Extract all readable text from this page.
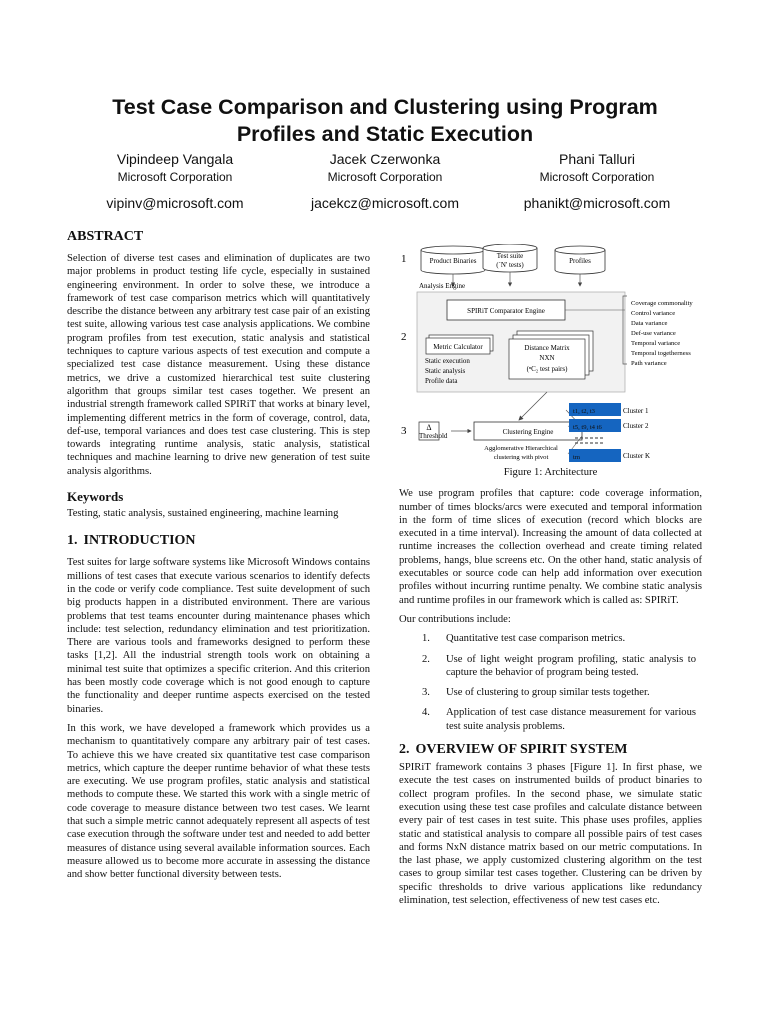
Test Case Comparison and Clustering using Program
Profiles and Static Execution
Vipindeep Vangala
Microsoft Corporation
vipinv@microsoft.com
Jacek Czerwonka
Microsoft Corporation
jacekcz@microsoft.com
Phani Talluri
Microsoft Corporation
phanikt@microsoft.com
ABSTRACT

Selection of diverse test cases and elimination of duplicates are two major problems in product testing life cycle, especially in sustained engineering environment. In order to solve these, we introduce a framework of test case comparison metrics which will quantitatively describe the distance between any arbitrary test case pair of an existing test suite, allowing various test case analysis applications. We combine program profiles from test execution, static analysis and statistical techniques to capture various aspects of test execution and compute a specialized test case distance measurement. Using these distance metrics, we drive a customized hierarchical test suite clustering algorithm that groups similar test cases together. We present an industrial strength framework called SPIRiT that works at binary level, implementing different metrics in the form of coverage, control, data, def-use, temporal variances and does test case clustering. This is step towards integrating runtime analysis, static analysis, statistical techniques and machine learning to drive new generation of test suite analysis algorithms.

Keywords

Testing, static analysis, sustained engineering, machine learning

1. INTRODUCTION

Test suites for large software systems like Microsoft Windows contains millions of test cases that execute various scenarios to identify defects in the code or verify code compliance. Test suite development of such big products happen in a distributed environment. There are various problems that test teams encounter during maintenance phases which include: test selection, redundancy elimination and test prioritization. There are various tools and frameworks designed to perform these tasks [1,2]. All the industrial strength tools work on obtaining a minimal test suite that optimizes a specific criterion. And this criterion has been mostly code coverage which is not good enough to capture the functionality and deeper runtime aspects exercised on the tested binaries.

In this work, we have developed a framework which provides us a mechanism to quantitatively compare any arbitrary pair of test cases. To achieve this we have created six quantitative test case comparison metrics, which capture the deeper runtime behavior of what these tests are executing. We use program profiles, static analysis and statistical methods to compute these. We started this work with a single metric of code coverage to measure distance between two test cases. We learnt that such a simple metric cannot adequately represent all aspects of test case execution through the software under test and needed to add better measures of distance using several available information sources. Each measure allowed us to become more accurate in assessing the distance and show better functional diversity between tests.

1
2
3
Product Binaries
Test suite
(`N' tests)	Profiles
Analysis Engine
SPIRiT Comparator Engine
Metric Calculator
Static execution
Static analysis
Profile data
Distance Matrix
NXN
(ⁿC₂ test pairs)
Coverage commonality
Control variance
Data variance
Def-use variance
Temporal variance
Temporal togetherness
Path variance
Δ
Threshold	Clustering Engine
Agglomerative Hierarchical
clustering with pivot
t1, t2, t3
t5, t9, t4 t6
tm
Cluster 1
Cluster 2
Cluster K
Figure 1: Architecture

We use program profiles that capture: code coverage information, number of times blocks/arcs were executed and temporal information in the form of time slices of execution (record which blocks are executed in a time interval). Increasing the amount of data collected at runtime increases the collection overhead and create timing related problems, hangs, blue screens etc. On the other hand, static analysis of executables or source code can help add information over execution profiles without incurring runtime penalty. We combine static analysis and runtime profiles in our framework which is called as: SPIRiT.

Our contributions include:

1. Quantitative test case comparison metrics.
2. Use of light weight program profiling, static analysis to capture the behavior of program being tested.
3. Use of clustering to group similar tests together.
4. Application of test case distance measurement for various test suite analysis problems.
2. OVERVIEW OF SPIRIT SYSTEM

SPIRiT framework contains 3 phases [Figure 1]. In first phase, we execute the test cases on instrumented builds of product binaries to collect program profiles. In the second phase, we simulate static execution using these test case profiles and calculate distance between every pair of test cases in test suite. This phase uses profiles, applies static and statistical analysis to compare all possible pairs of test cases and forms NxN distance matrix based on our metric computations. In the last phase, we apply customized clustering algorithm on the test cases to group similar test cases together. Clustering can be driven by specific thresholds to drive various applications like redundancy elimination, test selection, effectiveness of new test cases etc.
